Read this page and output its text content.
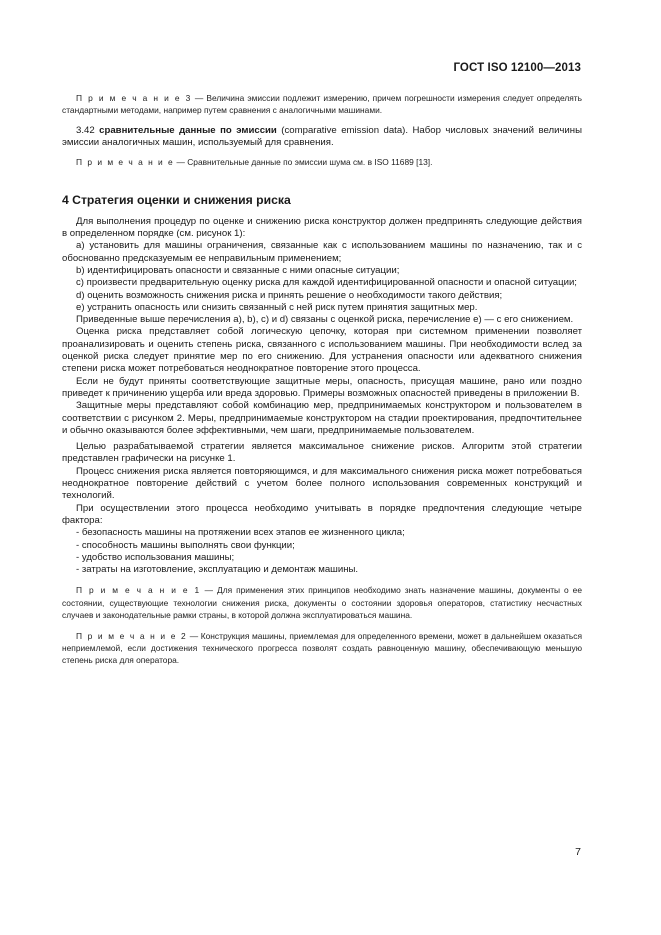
ГОСТ ISO 12100—2013

П р и м е ч а н и е 3 — Величина эмиссии подлежит измерению, причем погрешности измерения следует определять стандартными методами, например путем сравнения с аналогичными машинами.

3.42 сравнительные данные по эмиссии (comparative emission data). Набор числовых значений величины эмиссии аналогичных машин, используемый для сравнения.

П р и м е ч а н и е — Сравнительные данные по эмиссии шума см. в ISO 11689 [13].

4 Стратегия оценки и снижения риска

Для выполнения процедур по оценке и снижению риска конструктор должен предпринять следующие действия в определенном порядке (см. рисунок 1):

a) установить для машины ограничения, связанные как с использованием машины по назначению, так и с обоснованно предсказуемым ее неправильным применением;

b) идентифицировать опасности и связанные с ними опасные ситуации;

c) произвести предварительную оценку риска для каждой идентифицированной опасности и опасной ситуации;

d) оценить возможность снижения риска и принять решение о необходимости такого действия;

e) устранить опасность или снизить связанный с ней риск путем принятия защитных мер.

Приведенные выше перечисления a), b), c) и d) связаны с оценкой риска, перечисление e) — с его снижением.

Оценка риска представляет собой логическую цепочку, которая при системном применении позволяет проанализировать и оценить степень риска, связанного с использованием машины. При необходимости вслед за оценкой риска следует принятие мер по его снижению. Для устранения опасности или адекватного снижения степени риска может потребоваться неоднократное повторение этого процесса.

Если не будут приняты соответствующие защитные меры, опасность, присущая машине, рано или поздно приведет к причинению ущерба или вреда здоровью. Примеры возможных опасностей приведены в приложении В.

Защитные меры представляют собой комбинацию мер, предпринимаемых конструктором и пользователем в соответствии с рисунком 2. Меры, предпринимаемые конструктором на стадии проектирования, предпочтительнее и обычно оказываются более эффективными, чем шаги, предпринимаемые пользователем.

Целью разрабатываемой стратегии является максимальное снижение рисков. Алгоритм этой стратегии представлен графически на рисунке 1.

Процесс снижения риска является повторяющимся, и для максимального снижения риска может потребоваться неоднократное повторение действий с учетом более полного использования современных конструкций и технологий.

При осуществлении этого процесса необходимо учитывать в порядке предпочтения следующие четыре фактора:

- безопасность машины на протяжении всех этапов ее жизненного цикла;

- способность машины выполнять свои функции;

- удобство использования машины;

- затраты на изготовление, эксплуатацию и демонтаж машины.

П р и м е ч а н и е 1 — Для применения этих принципов необходимо знать назначение машины, документы о ее состоянии, существующие технологии снижения риска, документы о состоянии здоровья операторов, статистику несчастных случаев и законодательные рамки страны, в которой должна эксплуатироваться машина.

П р и м е ч а н и е 2 — Конструкция машины, приемлемая для определенного времени, может в дальнейшем оказаться неприемлемой, если достижения технического прогресса позволят создать равноценную машину, обеспечивающую меньшую степень риска для оператора.

7
